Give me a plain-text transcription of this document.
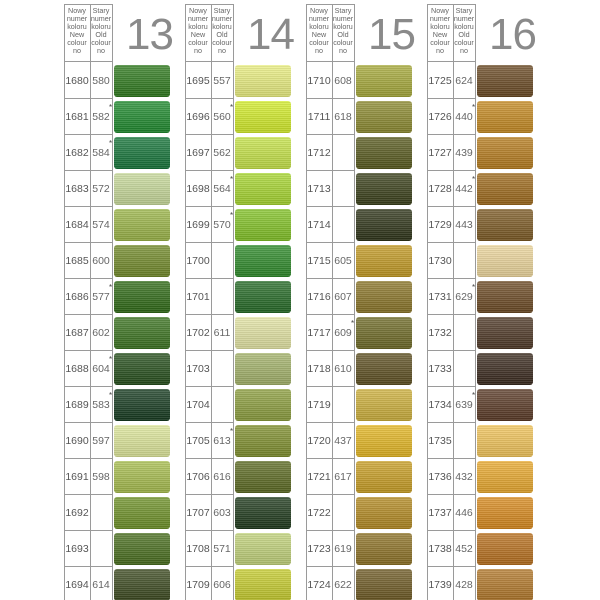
Nowy
numer
koloru
New
colour
no
Stary
numer
koloru
Old
colour
no 13
1680 580
1681 582
*
1682 584
*
1683 572
1684 574
1685 600
1686 577
*
1687 602
1688 604
*
1689 583
*
1690 597
1691 598
1692
1693
1694 614
Nowy
numer
koloru
New
colour
no
Stary
numer
koloru
Old
colour
no 14
1695 557
1696 560
*
1697 562
1698 564
*
1699 570
*
1700
1701
1702 611
1703
1704
1705 613
*
1706 616
1707 603
1708 571
1709 606
Nowy
numer
koloru
New
colour
no
Stary
numer
koloru
Old
colour
no 15
1710 608
1711 618
1712
1713
1714
1715 605
1716 607
1717 609
*
1718 610
1719
1720 437
1721 617
1722
1723 619
1724 622
Nowy
numer
koloru
New
colour
no
Stary
numer
koloru
Old
colour
no 16
1725 624
1726 440
*
1727 439
1728 442
*
1729 443
1730
1731 629
*
1732
1733
1734 639
*
1735
1736 432
1737 446
1738 452
1739 428
